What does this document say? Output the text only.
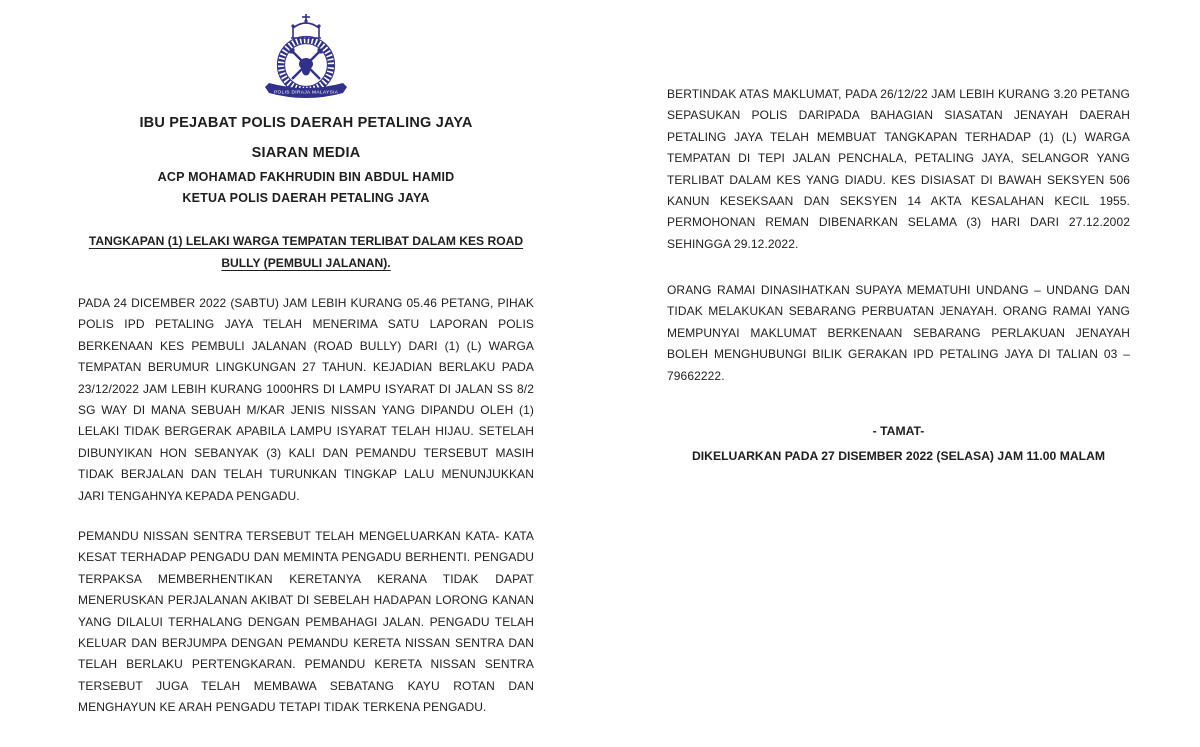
POLIS DIRAJA MALAYSIA
IBU PEJABAT POLIS DAERAH PETALING JAYA
SIARAN MEDIA
ACP MOHAMAD FAKHRUDIN BIN ABDUL HAMID
KETUA POLIS DAERAH PETALING JAYA
TANGKAPAN (1) LELAKI WARGA TEMPATAN TERLIBAT DALAM KES ROAD BULLY (PEMBULI JALANAN).
PADA 24 DICEMBER 2022 (SABTU) JAM LEBIH KURANG 05.46 PETANG, PIHAK POLIS IPD PETALING JAYA TELAH MENERIMA SATU LAPORAN POLIS BERKENAAN KES PEMBULI JALANAN (ROAD BULLY) DARI (1) (L) WARGA TEMPATAN BERUMUR LINGKUNGAN 27 TAHUN. KEJADIAN BERLAKU PADA 23/12/2022 JAM LEBIH KURANG 1000HRS DI LAMPU ISYARAT DI JALAN SS 8/2 SG WAY DI MANA SEBUAH M/KAR JENIS NISSAN YANG DIPANDU OLEH (1) LELAKI TIDAK BERGERAK APABILA LAMPU ISYARAT TELAH HIJAU. SETELAH DIBUNYIKAN HON SEBANYAK (3) KALI DAN PEMANDU TERSEBUT MASIH TIDAK BERJALAN DAN TELAH TURUNKAN TINGKAP LALU MENUNJUKKAN JARI TENGAHNYA KEPADA PENGADU.
PEMANDU NISSAN SENTRA TERSEBUT TELAH MENGELUARKAN KATA- KATA KESAT TERHADAP PENGADU DAN MEMINTA PENGADU BERHENTI. PENGADU TERPAKSA MEMBERHENTIKAN KERETANYA KERANA TIDAK DAPAT MENERUSKAN PERJALANAN AKIBAT DI SEBELAH HADAPAN LORONG KANAN YANG DILALUI TERHALANG DENGAN PEMBAHAGI JALAN. PENGADU TELAH KELUAR DAN BERJUMPA DENGAN PEMANDU KERETA NISSAN SENTRA DAN TELAH BERLAKU PERTENGKARAN. PEMANDU KERETA NISSAN SENTRA TERSEBUT JUGA TELAH MEMBAWA SEBATANG KAYU ROTAN DAN MENGHAYUN KE ARAH PENGADU TETAPI TIDAK TERKENA PENGADU.
BERTINDAK ATAS MAKLUMAT, PADA 26/12/22 JAM LEBIH KURANG 3.20 PETANG SEPASUKAN POLIS DARIPADA BAHAGIAN SIASATAN JENAYAH DAERAH PETALING JAYA TELAH MEMBUAT TANGKAPAN TERHADAP (1) (L) WARGA TEMPATAN DI TEPI JALAN PENCHALA, PETALING JAYA, SELANGOR YANG TERLIBAT DALAM KES YANG DIADU. KES DISIASAT DI BAWAH SEKSYEN 506 KANUN KESEKSAAN DAN SEKSYEN 14 AKTA KESALAHAN KECIL 1955. PERMOHONAN REMAN DIBENARKAN SELAMA (3) HARI DARI 27.12.2002 SEHINGGA 29.12.2022.
ORANG RAMAI DINASIHATKAN SUPAYA MEMATUHI UNDANG – UNDANG DAN TIDAK MELAKUKAN SEBARANG PERBUATAN JENAYAH. ORANG RAMAI YANG MEMPUNYAI MAKLUMAT BERKENAAN SEBARANG PERLAKUAN JENAYAH BOLEH MENGHUBUNGI BILIK GERAKAN IPD PETALING JAYA DI TALIAN 03 – 79662222.
- TAMAT-
DIKELUARKAN PADA 27 DISEMBER 2022 (SELASA) JAM 11.00 MALAM
